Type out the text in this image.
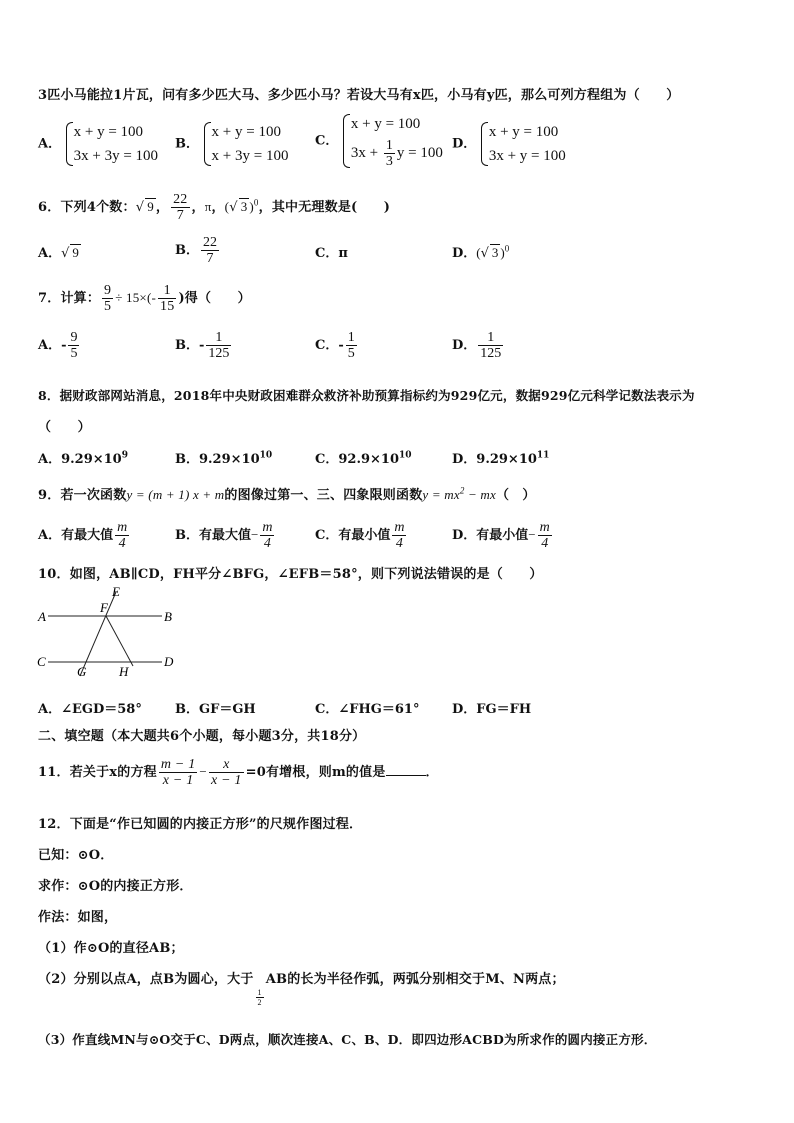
3匹小马能拉1片瓦，问有多少匹大马、多少匹小马？若设大马有x匹，小马有y匹，那么可列方程组为（　　）
A．
x + y = 100
3x + 3y = 100
B．
x + y = 100
x + 3y = 100
C．
x + y = 100
$3x + \frac{1}{3}$ y = 100
D．
x + y = 100
3x + y = 100
6．下列4个数：√ 9 ， $\frac{22}{7}$ ，π，(√ 3 )$^0$，其中无理数是(　　)
A．√ 9	B． $\frac{22}{7}$	C．π	D．(√ 3 )$^0$
7．计算： $\frac{9}{5} \div 15\times(- \frac{1}{15}$ )得（　　）
A．- $\frac{9}{5}$	B．- $\frac{1}{125}$	C．- $\frac{1}{5}$	D． $\frac{1}{125}$
8．据财政部网站消息，2018年中央财政困难群众救济补助预算指标约为929亿元，数据929亿元科学记数法表示为
（　　）
A．$9.29\times 10^9$	B．$9.29\times 10^{10}$	C．$92.9\times 10^{10}$	D．$9.29\times 10^{11}$
9．若一次函数y = (m + 1) x + m的图像过第一、三、四象限则函数$y = mx^2 - mx$（　）
A．有最大值 $\frac{m}{4}$	B．有最大值− $\frac{m}{4}$	C．有最小值 $\frac{m}{4}$	D．有最小值− $\frac{m}{4}$
10．如图，AB∥CD，FH平分∠BFG，∠EFB＝58°，则下列说法错误的是（　　）
E
F
A	B
C
G	H
D
A．∠EGD＝58°	B．GF＝GH	C．∠FHG＝61°	D．FG＝FH
二、填空题（本大题共6个小题，每小题3分，共18分）
11．若关于x的方程 $\frac{m - 1}{x - 1} - \frac{x}{x - 1} =0$有增根，则m的值是	．
12．下面是“作已知圆的内接正方形”的尺规作图过程．
已知：⊙O．
求作：⊙O的内接正方形．
作法：如图，
（1）作⊙O的直径AB；
（2）分别以点A，点B为圆心，大于
$\frac{1}{2}$
AB的长为半径作弧，两弧分别相交于M、N两点；
（3）作直线MN与⊙O交于C、D两点，顺次连接A、C、B、D．即四边形ACBD为所求作的圆内接正方形．
